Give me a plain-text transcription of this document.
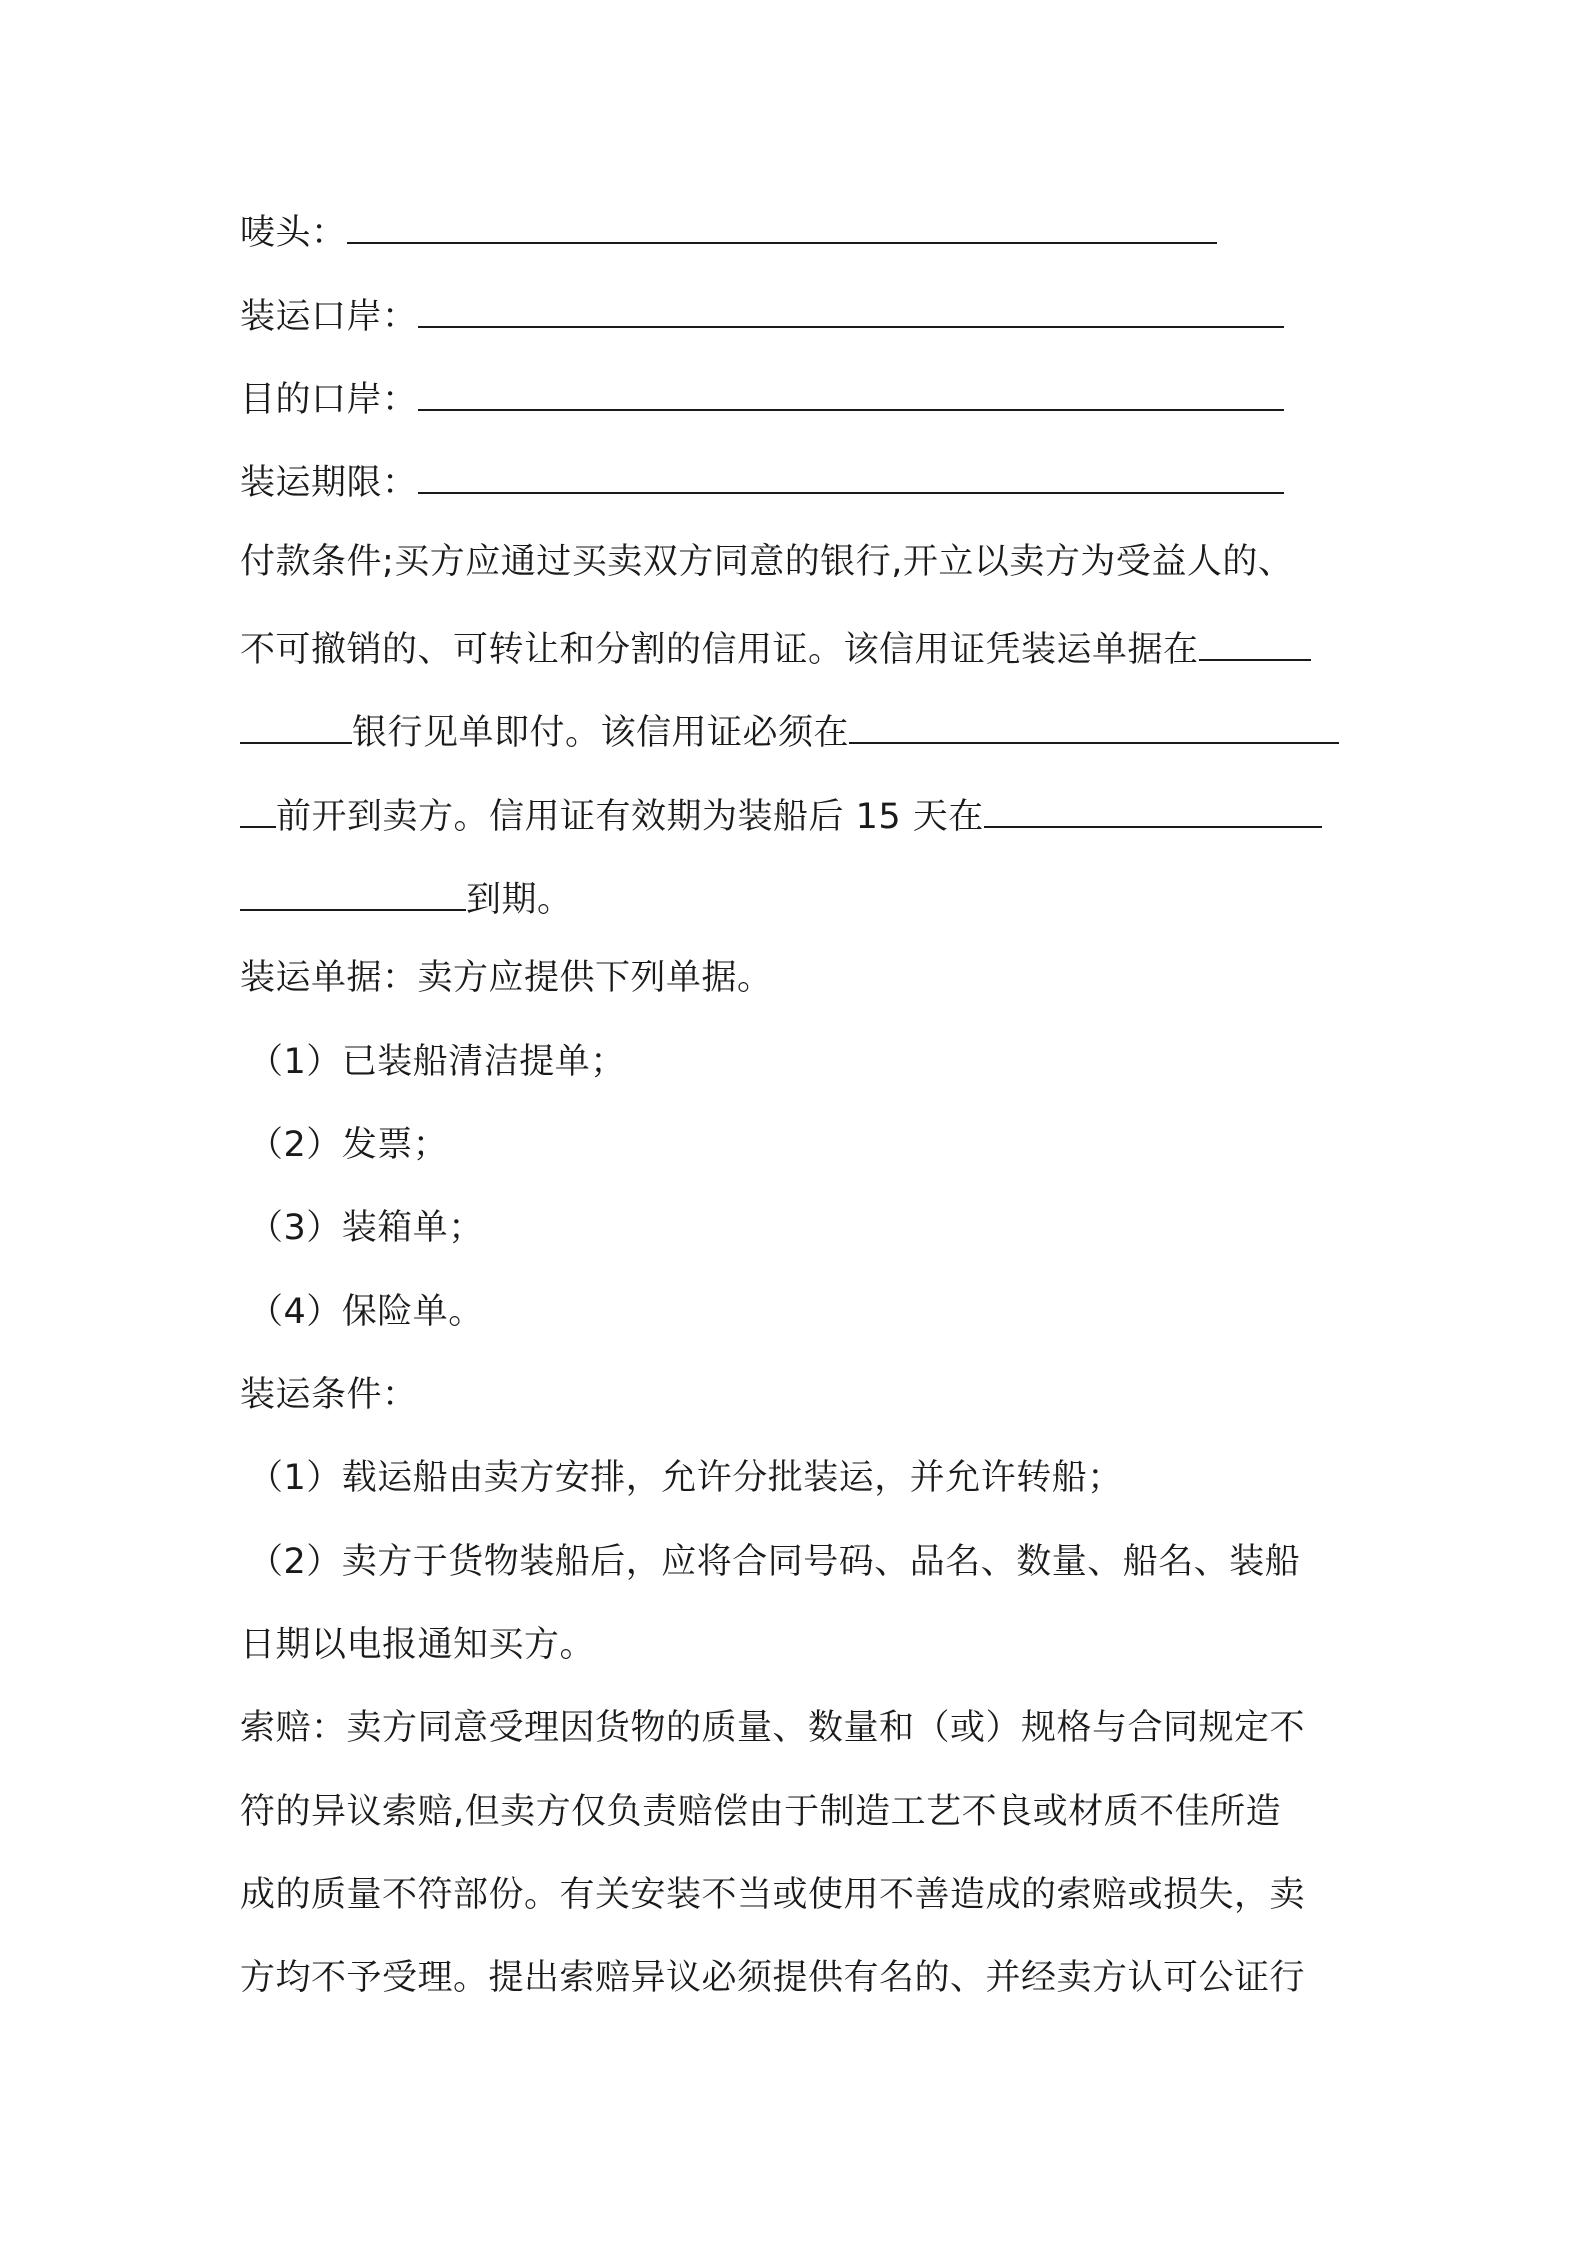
唛头：
装运口岸：
目的口岸：
装运期限：
付款条件;买方应通过买卖双方同意的银行,开立以卖方为受益人的、
不可撤销的、可转让和分割的信用证。该信用证凭装运单据在
银行见单即付。该信用证必须在
前开到卖方。信用证有效期为装船后 15 天在
到期。
装运单据：卖方应提供下列单据。
（1）已装船清洁提单；
（2）发票；
（3）装箱单；
（4）保险单。
装运条件：
（1）载运船由卖方安排，允许分批装运，并允许转船；
（2）卖方于货物装船后，应将合同号码、品名、数量、船名、装船
日期以电报通知买方。
索赔：卖方同意受理因货物的质量、数量和（或）规格与合同规定不
符的异议索赔,但卖方仅负责赔偿由于制造工艺不良或材质不佳所造
成的质量不符部份。有关安装不当或使用不善造成的索赔或损失，卖
方均不予受理。提出索赔异议必须提供有名的、并经卖方认可公证行
